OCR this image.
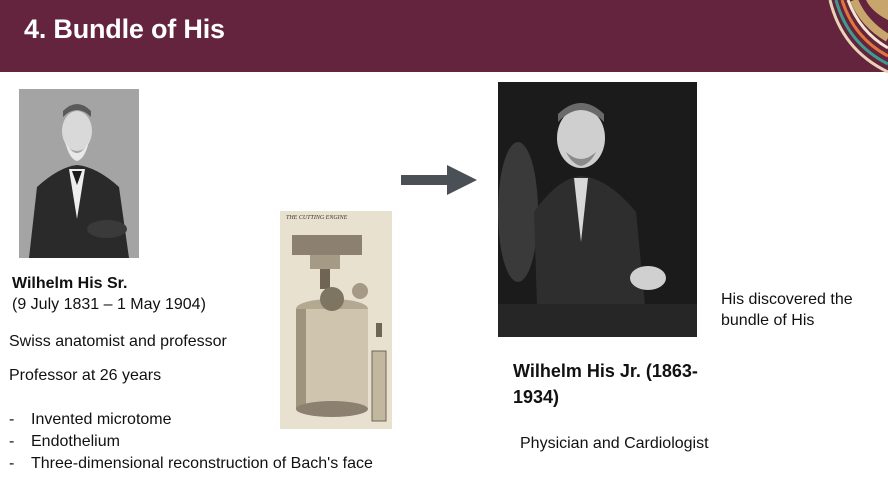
4. Bundle of His
THE CUTTING ENGINE
Wilhelm His Sr.
(9 July 1831 – 1 May 1904)
Swiss anatomist and professor
Professor at 26 years
- Invented microtome
- Endothelium
- Three-dimensional reconstruction of Bach's face
Wilhelm His Jr. (1863-1934)
His discovered the bundle of His
Physician and Cardiologist
